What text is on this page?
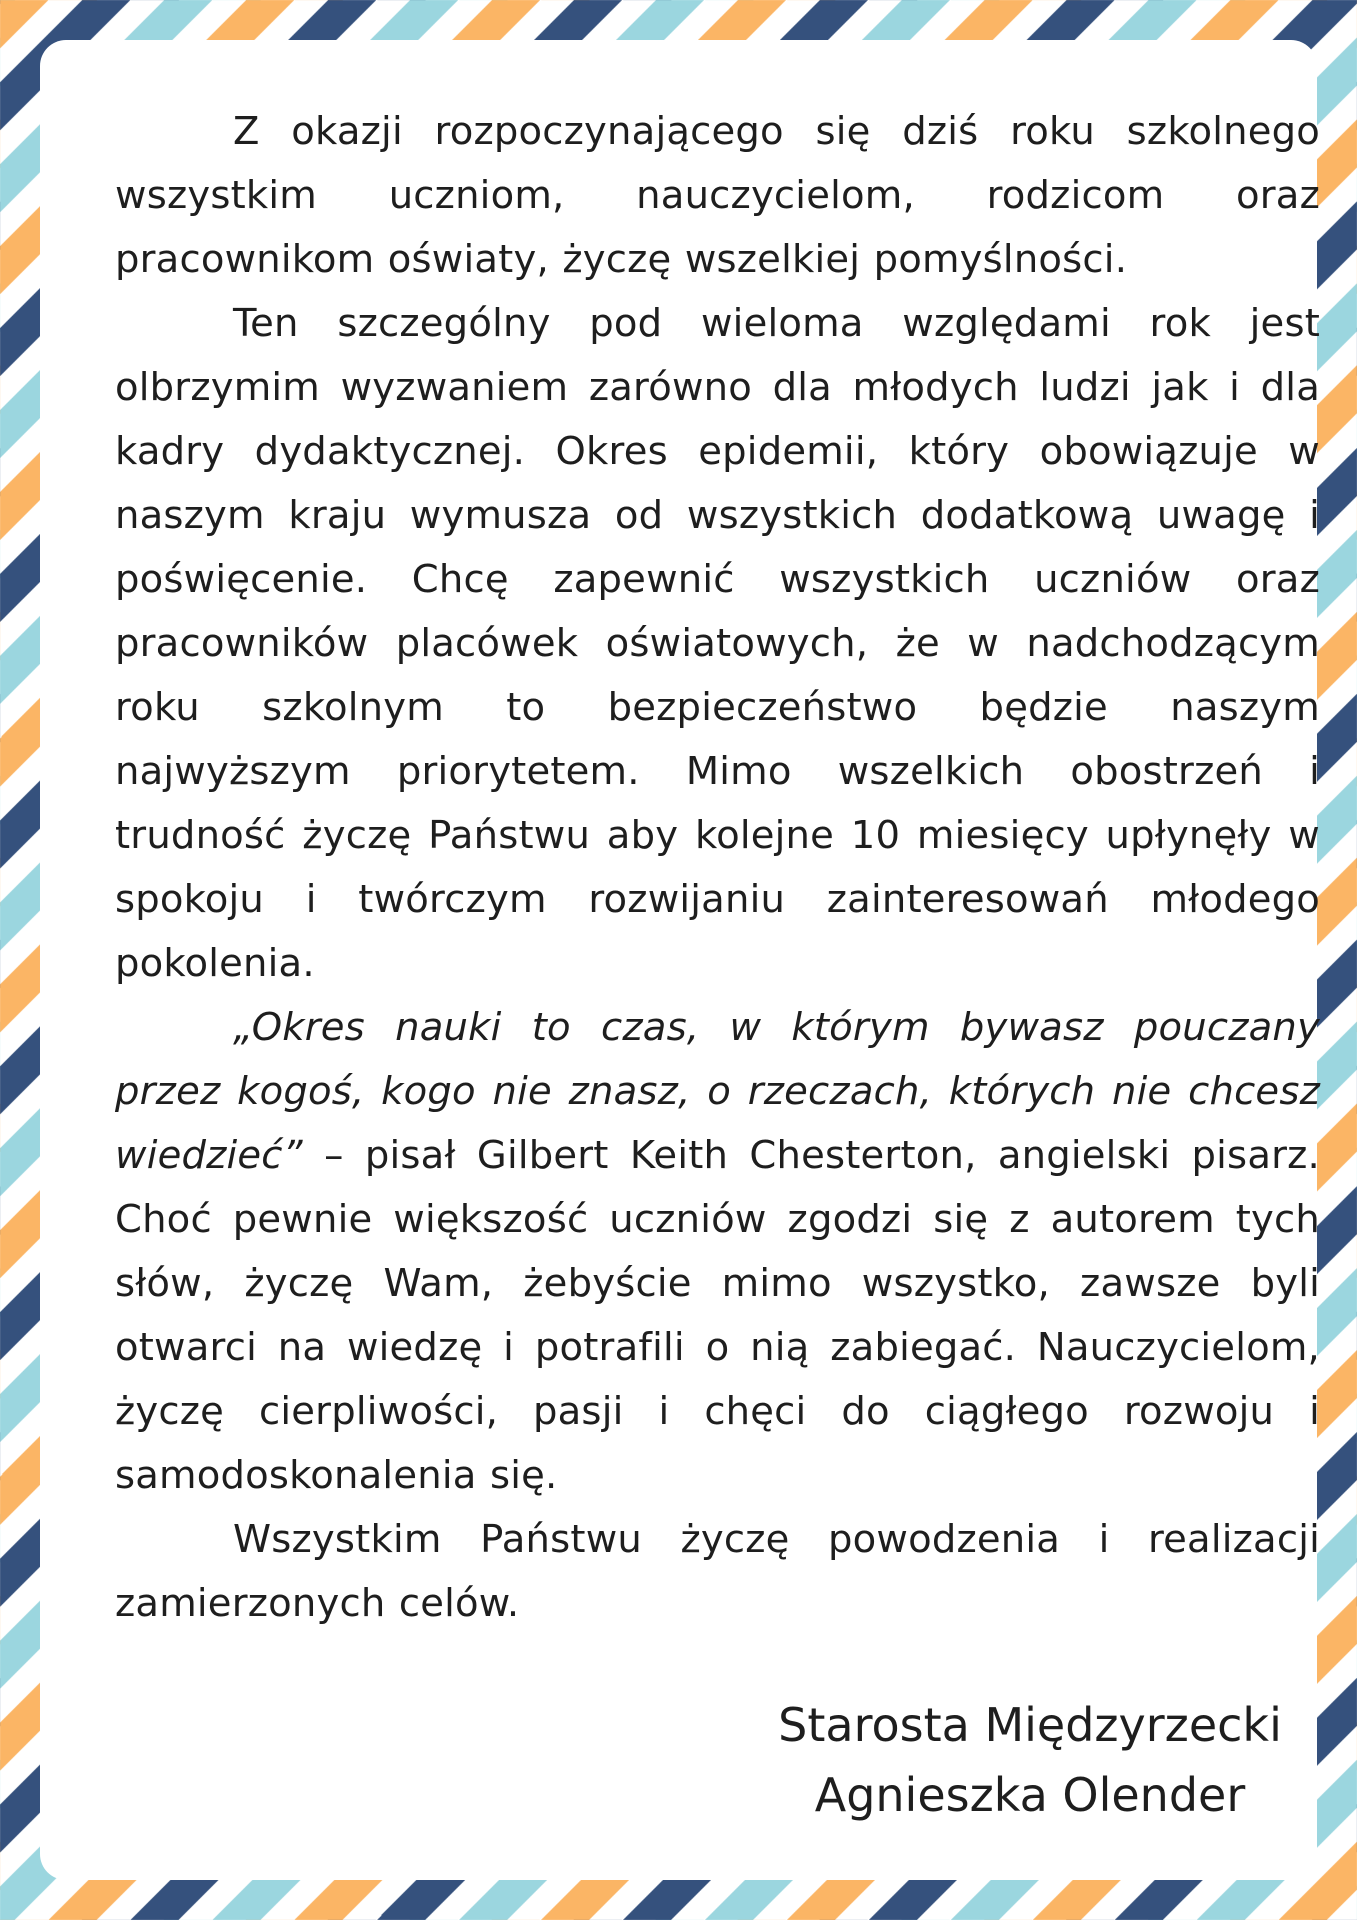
Z okazji rozpoczynającego się dziś roku szkolnego wszystkim uczniom, nauczycielom, rodzicom oraz pracownikom oświaty, życzę wszelkiej pomyślności.

Ten szczególny pod wieloma względami rok jest olbrzymim wyzwaniem zarówno dla młodych ludzi jak i dla kadry dydaktycznej. Okres epidemii, który obowiązuje w naszym kraju wymusza od wszystkich dodatkową uwagę i poświęcenie. Chcę zapewnić wszystkich uczniów oraz pracowników placówek oświatowych, że w nadchodzącym roku szkolnym to bezpieczeństwo będzie naszym najwyższym priorytetem. Mimo wszelkich obostrzeń i trudność życzę Państwu aby kolejne 10 miesięcy upłynęły w spokoju i twórczym rozwijaniu zainteresowań młodego pokolenia.

„Okres nauki to czas, w którym bywasz pouczany przez kogoś, kogo nie znasz, o rzeczach, których nie chcesz wiedzieć” – pisał Gilbert Keith Chesterton, angielski pisarz. Choć pewnie większość uczniów zgodzi się z autorem tych słów, życzę Wam, żebyście mimo wszystko, zawsze byli otwarci na wiedzę i potrafili o nią zabiegać. Nauczycielom, życzę cierpliwości, pasji i chęci do ciągłego rozwoju i samodoskonalenia się.

Wszystkim Państwu życzę powodzenia i realizacji zamierzonych celów.

Starosta Międzyrzecki
Agnieszka Olender
